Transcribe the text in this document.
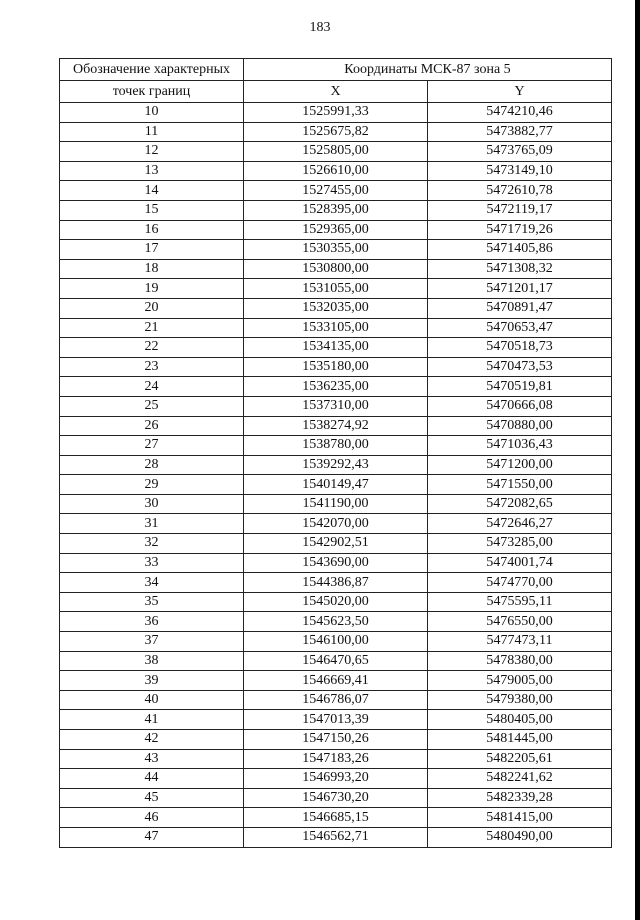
183
Обозначение характерных	Координаты МСК-87 зона 5	
точек границ	X	Y
10	1525991,33	5474210,46
11	1525675,82	5473882,77
12	1525805,00	5473765,09
13	1526610,00	5473149,10
14	1527455,00	5472610,78
15	1528395,00	5472119,17
16	1529365,00	5471719,26
17	1530355,00	5471405,86
18	1530800,00	5471308,32
19	1531055,00	5471201,17
20	1532035,00	5470891,47
21	1533105,00	5470653,47
22	1534135,00	5470518,73
23	1535180,00	5470473,53
24	1536235,00	5470519,81
25	1537310,00	5470666,08
26	1538274,92	5470880,00
27	1538780,00	5471036,43
28	1539292,43	5471200,00
29	1540149,47	5471550,00
30	1541190,00	5472082,65
31	1542070,00	5472646,27
32	1542902,51	5473285,00
33	1543690,00	5474001,74
34	1544386,87	5474770,00
35	1545020,00	5475595,11
36	1545623,50	5476550,00
37	1546100,00	5477473,11
38	1546470,65	5478380,00
39	1546669,41	5479005,00
40	1546786,07	5479380,00
41	1547013,39	5480405,00
42	1547150,26	5481445,00
43	1547183,26	5482205,61
44	1546993,20	5482241,62
45	1546730,20	5482339,28
46	1546685,15	5481415,00
47	1546562,71	5480490,00
